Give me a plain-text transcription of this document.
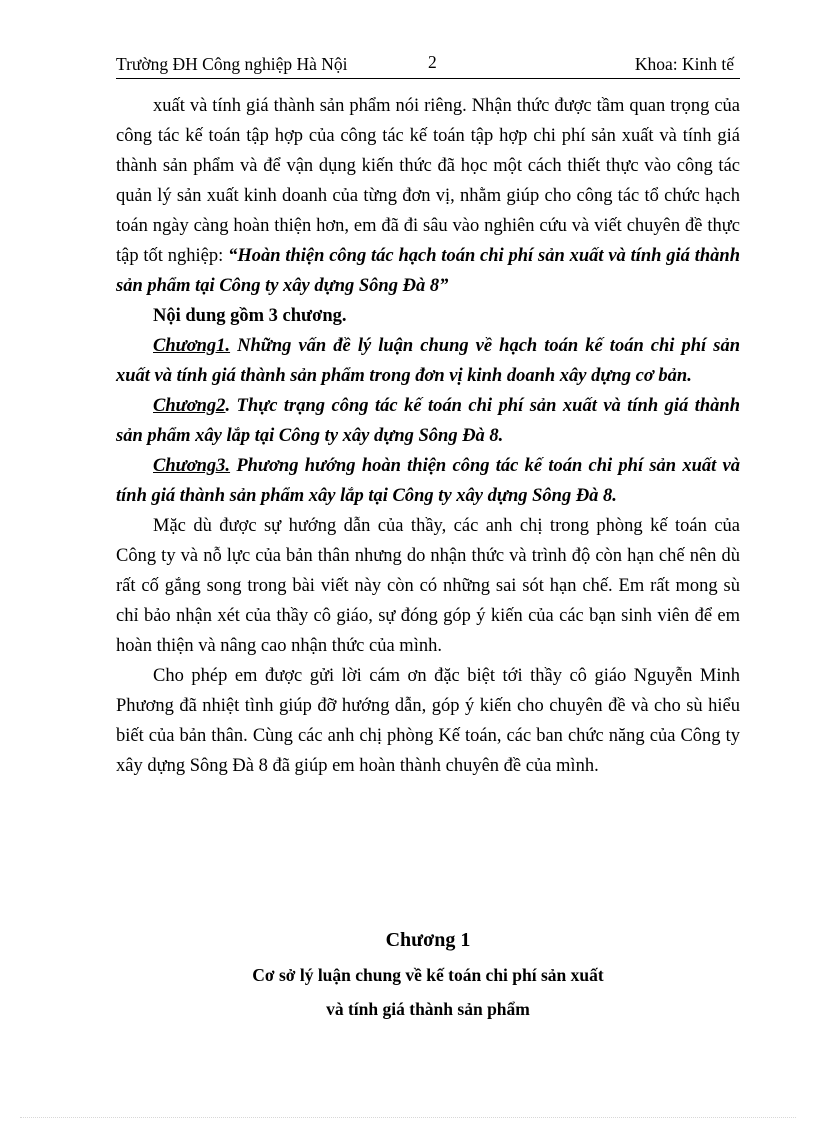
Trường ĐH Công nghiệp Hà Nội	2	Khoa: Kinh tế

xuất và tính giá thành sản phẩm nói riêng. Nhận thức được tầm quan trọng của công tác kế toán tập hợp của công tác kế toán tập hợp chi phí sản xuất và tính giá thành sản phẩm và để vận dụng kiến thức đã học một cách thiết thực vào công tác quản lý sản xuất kinh doanh của từng đơn vị, nhằm giúp cho công tác tổ chức hạch toán ngày càng hoàn thiện hơn, em đã đi sâu vào nghiên cứu và viết chuyên đề thực tập tốt nghiệp: “Hoàn thiện công tác hạch toán chi phí sản xuất và tính giá thành sản phẩm tại Công ty xây dựng Sông Đà 8”

Nội dung gồm 3 chương.

Chương1. Những vấn đề lý luận chung về hạch toán kế toán chi phí sản xuất và tính giá thành sản phẩm trong đơn vị kinh doanh xây dựng cơ bản.

Chương2. Thực trạng công tác kế toán chi phí sản xuất và tính giá thành sản phẩm xây lắp tại Công ty xây dựng Sông Đà 8.

Chương3. Phương hướng hoàn thiện công tác kế toán chi phí sản xuất và tính giá thành sản phẩm xây lắp tại Công ty xây dựng Sông Đà 8.

Mặc dù được sự hướng dẫn của thầy, các anh chị trong phòng kế toán của Công ty và nỗ lực của bản thân nhưng do nhận thức và trình độ còn hạn chế nên dù rất cố gắng song trong bài viết này còn có những sai sót hạn chế. Em rất mong sù chỉ bảo nhận xét của thầy cô giáo, sự đóng góp ý kiến của các bạn sinh viên để em hoàn thiện và nâng cao nhận thức của mình.

Cho phép em được gửi lời cám ơn đặc biệt tới thầy cô giáo Nguyễn Minh Phương đã nhiệt tình giúp đỡ hướng dẫn, góp ý kiến cho chuyên đề và cho sù hiểu biết của bản thân. Cùng các anh chị phòng Kế toán, các ban chức năng của Công ty xây dựng Sông Đà 8 đã giúp em hoàn thành chuyên đề của mình.

Chương 1
Cơ sở lý luận chung về kế toán chi phí sản xuất
và tính giá thành sản phẩm
